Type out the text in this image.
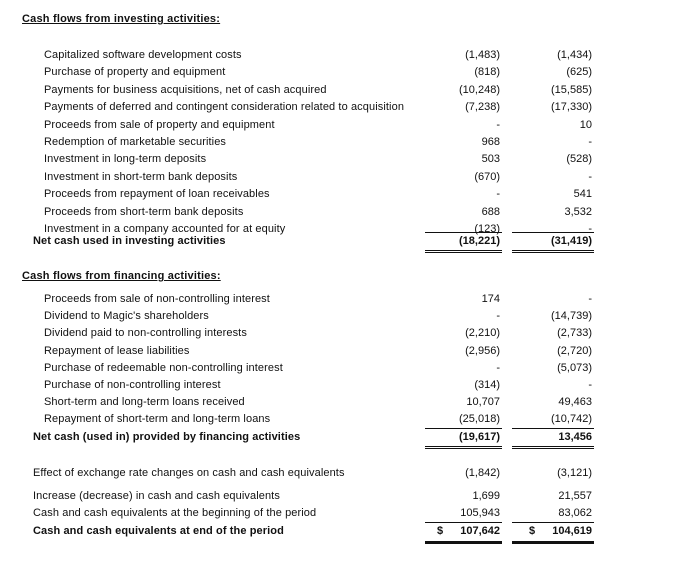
Cash flows from investing activities:
Capitalized software development costs	(1,483)	(1,434)
Purchase of property and equipment	(818)	(625)
Payments for business acquisitions, net of cash acquired	(10,248)	(15,585)
Payments of deferred and contingent consideration related to acquisition	(7,238)	(17,330)
Proceeds from sale of property and equipment	-	10
Redemption of marketable securities	968	-
Investment in long-term deposits	503	(528)
Investment in short-term bank deposits	(670)	-
Proceeds from repayment of loan receivables	-	541
Proceeds from short-term bank deposits	688	3,532
Investment in a company accounted for at equity	(123)	-
Net cash used in investing activities	(18,221)	(31,419)
Cash flows from financing activities:
Proceeds from sale of non-controlling interest	174	-
Dividend to Magic's shareholders	-	(14,739)
Dividend paid to non-controlling interests	(2,210)	(2,733)
Repayment of lease liabilities	(2,956)	(2,720)
Purchase of redeemable non-controlling interest	-	(5,073)
Purchase of non-controlling interest	(314)	-
Short-term and long-term loans received	10,707	49,463
Repayment of short-term and long-term loans	(25,018)	(10,742)
Net cash (used in) provided by financing activities	(19,617)	13,456
Effect of exchange rate changes on cash and cash equivalents	(1,842)	(3,121)
Increase (decrease) in cash and cash equivalents	1,699	21,557
Cash and cash equivalents at the beginning of the period	105,943	83,062
Cash and cash equivalents at end of the period	$	107,642	$	104,619
